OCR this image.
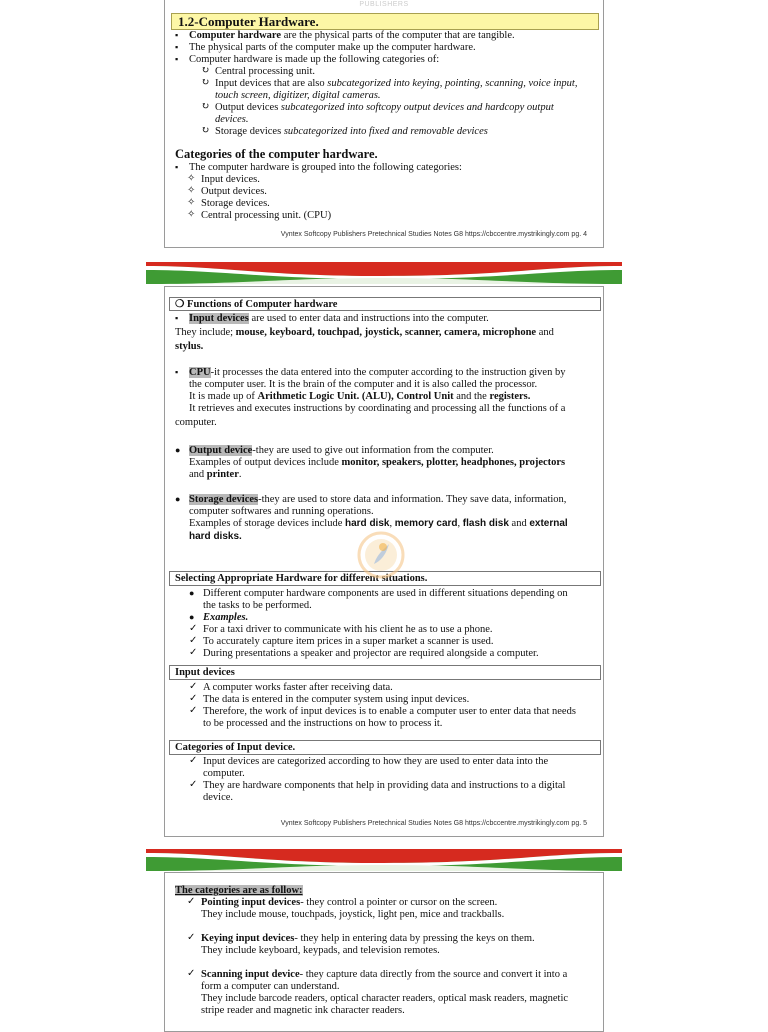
PUBLISHERS
1.2-Computer Hardware.
▪ Computer hardware are the physical parts of the computer that are tangible.
▪ The physical parts of the computer make up the computer hardware.
▪ Computer hardware is made up the following categories of:
↻ Central processing unit.
↻ Input devices that are also subcategorized into keying, pointing, scanning, voice input,
touch screen, digitizer, digital cameras.
↻ Output devices subcategorized into softcopy output devices and hardcopy output
devices.
↻ Storage devices subcategorized into fixed and removable devices
Categories of the computer hardware.
▪ The computer hardware is grouped into the following categories:
✧ Input devices.
✧ Output devices.
✧ Storage devices.
✧ Central processing unit. (CPU)
Vyntex Softcopy Publishers Pretechnical Studies Notes G8 https://cbccentre.mystrikingly.com pg. 4
❍ Functions of Computer hardware
▪ Input devices are used to enter data and instructions into the computer.
They include; mouse, keyboard, touchpad, joystick, scanner, camera, microphone and
stylus.
▪ CPU-it processes the data entered into the computer according to the instruction given by
the computer user. It is the brain of the computer and it is also called the processor.
It is made up of Arithmetic Logic Unit. (ALU), Control Unit and the registers.
It retrieves and executes instructions by coordinating and processing all the functions of a
computer.
● Output device-they are used to give out information from the computer.
Examples of output devices include monitor, speakers, plotter, headphones, projectors
and printer.
● Storage devices-they are used to store data and information. They save data, information,
computer softwares and running operations.
Examples of storage devices include hard disk, memory card, flash disk and external
hard disks.
Selecting Appropriate Hardware for different situations.
● Different computer hardware components are used in different situations depending on
the tasks to be performed.
● Examples.
✓ For a taxi driver to communicate with his client he as to use a phone.
✓ To accurately capture item prices in a super market a scanner is used.
✓ During presentations a speaker and projector are required alongside a computer.
Input devices
✓ A computer works faster after receiving data.
✓ The data is entered in the computer system using input devices.
✓ Therefore, the work of input devices is to enable a computer user to enter data that needs
to be processed and the instructions on how to process it.
Categories of Input device.
✓ Input devices are categorized according to how they are used to enter data into the
computer.
✓ They are hardware components that help in providing data and instructions to a digital
device.
Vyntex Softcopy Publishers Pretechnical Studies Notes G8 https://cbccentre.mystrikingly.com pg. 5
The categories are as follow:
✓ Pointing input devices- they control a pointer or cursor on the screen.
They include mouse, touchpads, joystick, light pen, mice and trackballs.
✓ Keying input devices- they help in entering data by pressing the keys on them.
They include keyboard, keypads, and television remotes.
✓ Scanning input device- they capture data directly from the source and convert it into a
form a computer can understand.
They include barcode readers, optical character readers, optical mask readers, magnetic
stripe reader and magnetic ink character readers.
